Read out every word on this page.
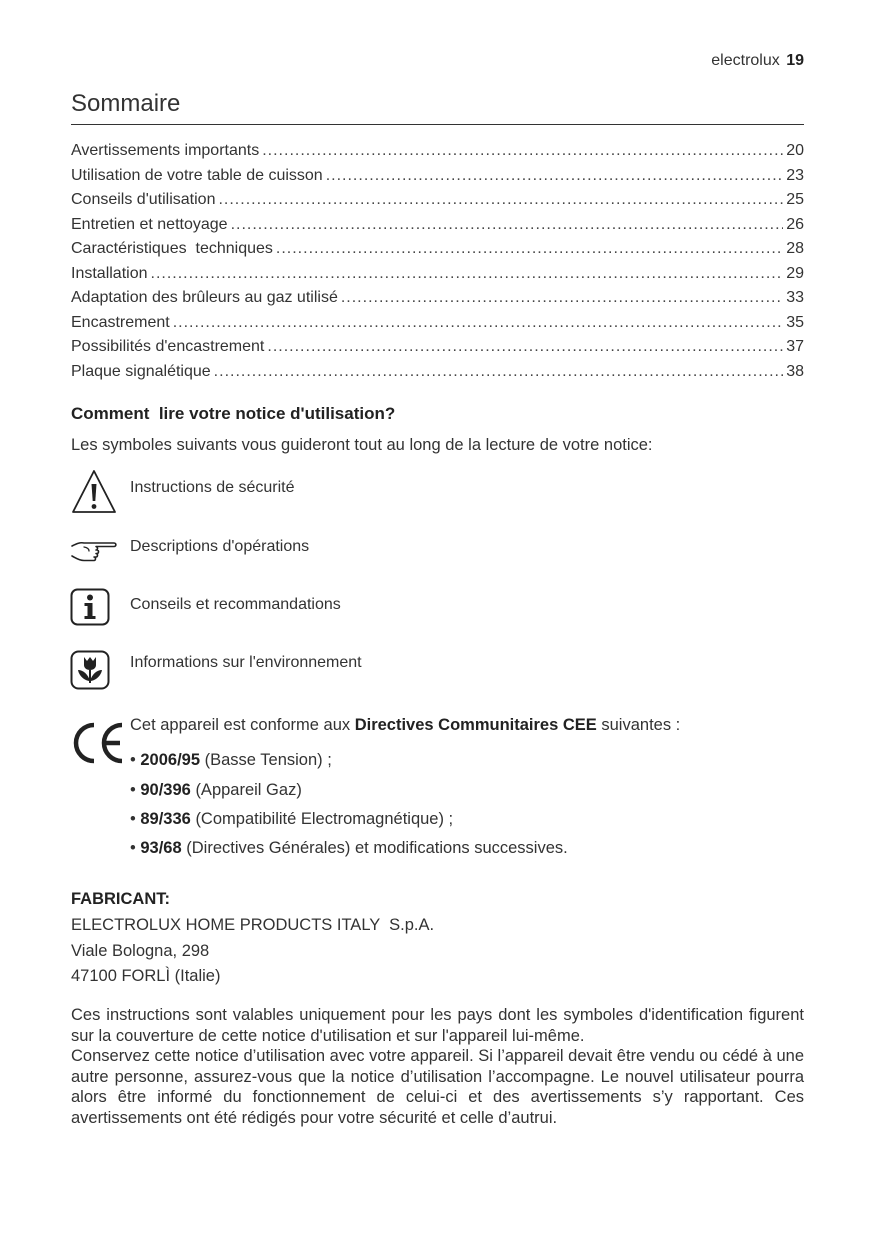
electrolux 19
Sommaire
Avertissements importants .....	20
Utilisation de votre table de cuisson .....	23
Conseils d'utilisation .....	25
Entretien et nettoyage .....	26
Caractéristiques  techniques .....	28
Installation .....	29
Adaptation des brûleurs au gaz utilisé .....	33
Encastrement .....	35
Possibilités d'encastrement .....	37
Plaque signalétique .....	38
Comment  lire votre notice d'utilisation?
Les symboles suivants vous guideront tout au long de la lecture de votre notice:
Instructions de sécurité
Descriptions d'opérations
Conseils et recommandations
Informations sur l'environnement
Cet appareil est conforme aux Directives Communitaires CEE suivantes :
• 2006/95 (Basse Tension) ;
• 90/396 (Appareil Gaz)
• 89/336 (Compatibilité Electromagnétique) ;
• 93/68 (Directives Générales) et modifications successives.
FABRICANT:
ELECTROLUX HOME PRODUCTS ITALY  S.p.A.
Viale Bologna, 298
47100 FORLÌ (Italie)

Ces instructions sont valables uniquement pour les pays dont les symboles d'identification figurent sur la couverture de cette notice d'utilisation et sur l'appareil lui-même.

Conservez cette notice d’utilisation avec votre appareil. Si l’appareil devait être vendu ou cédé à une autre personne, assurez-vous que la notice d’utilisation l’accompagne. Le nouvel utilisateur pourra alors être informé du fonctionnement de celui-ci et des avertissements s’y rapportant. Ces avertissements ont été rédigés pour votre sécurité et celle d’autrui.
